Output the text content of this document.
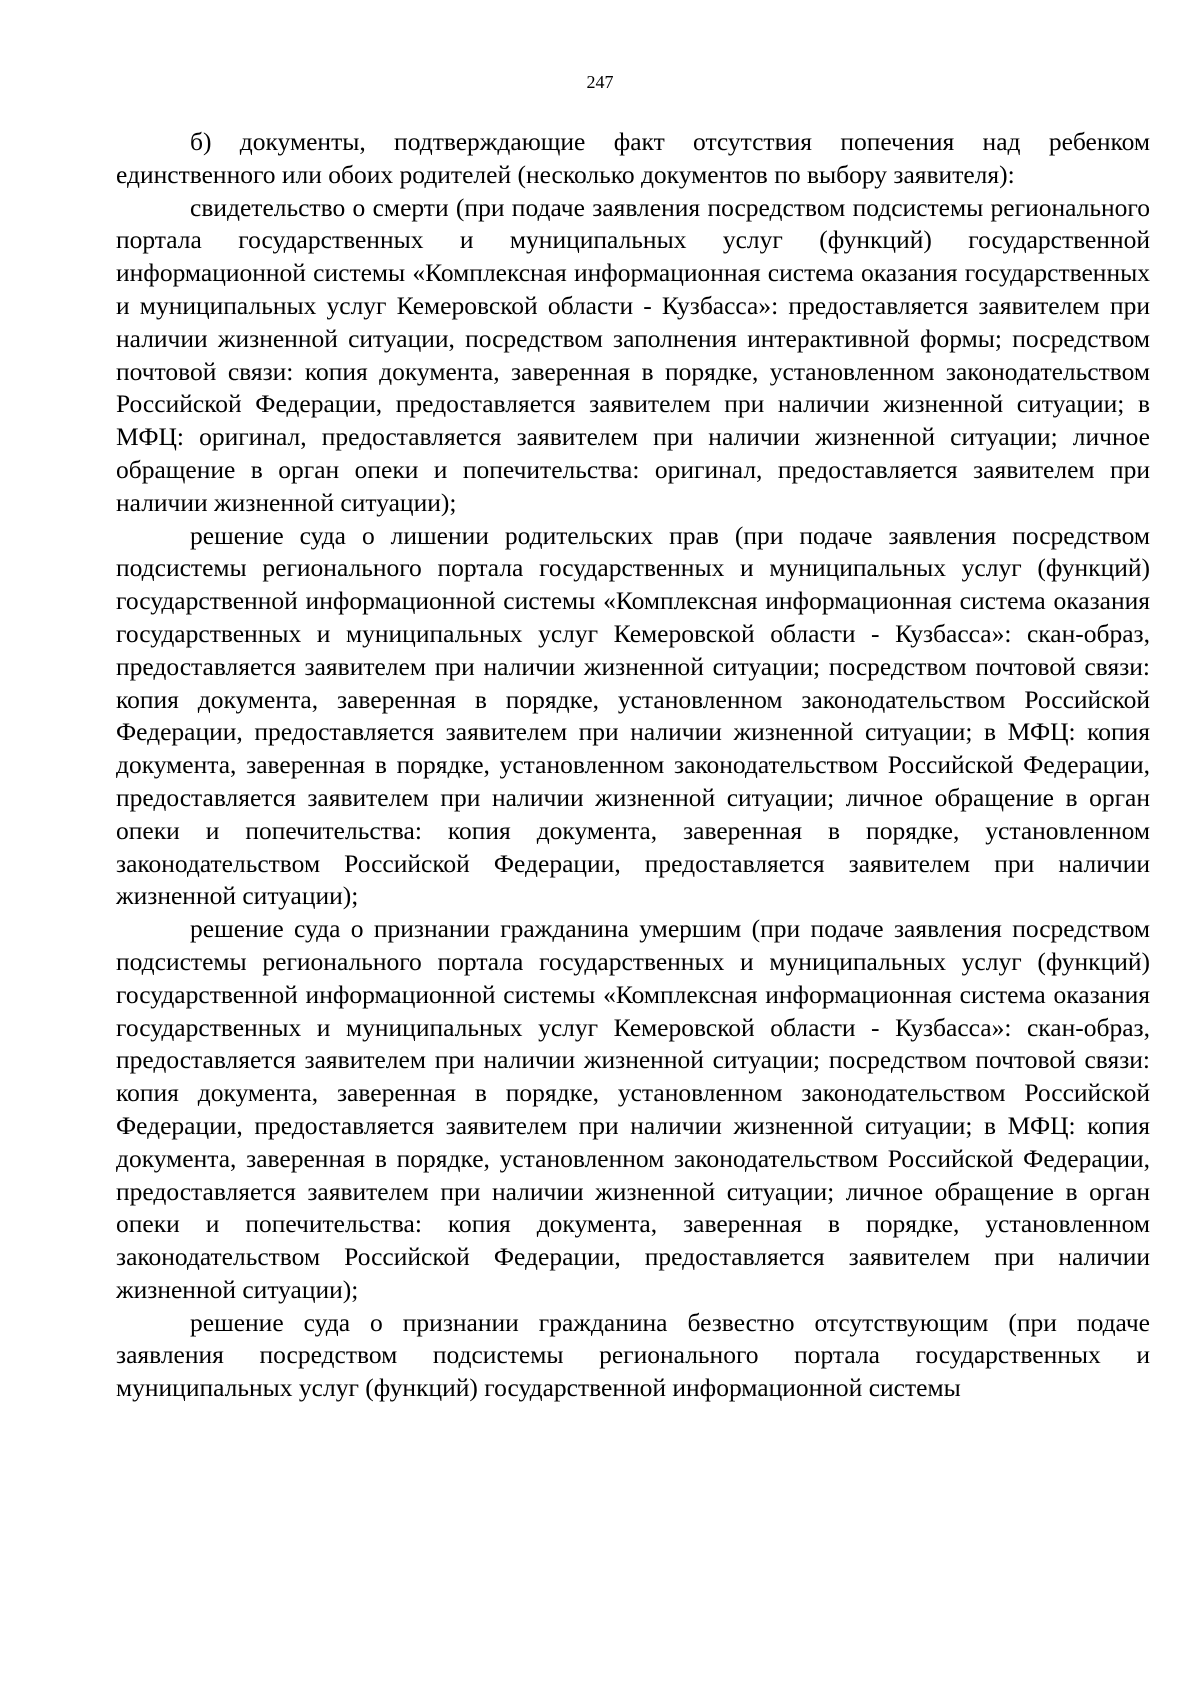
247

б) документы, подтверждающие факт отсутствия попечения над ребенком единственного или обоих родителей (несколько документов по выбору заявителя):

свидетельство о смерти (при подаче заявления посредством подсистемы регионального портала государственных и муниципальных услуг (функций) государственной информационной системы «Комплексная информационная система оказания государственных и муниципальных услуг Кемеровской области - Кузбасса»: предоставляется заявителем при наличии жизненной ситуации, посредством заполнения интерактивной формы; посредством почтовой связи: копия документа, заверенная в порядке, установленном законодательством Российской Федерации, предоставляется заявителем при наличии жизненной ситуации; в МФЦ: оригинал, предоставляется заявителем при наличии жизненной ситуации; личное обращение в орган опеки и попечительства: оригинал, предоставляется заявителем при наличии жизненной ситуации);

решение суда о лишении родительских прав (при подаче заявления посредством подсистемы регионального портала государственных и муниципальных услуг (функций) государственной информационной системы «Комплексная информационная система оказания государственных и муниципальных услуг Кемеровской области - Кузбасса»: скан-образ, предоставляется заявителем при наличии жизненной ситуации; посредством почтовой связи: копия документа, заверенная в порядке, установленном законодательством Российской Федерации, предоставляется заявителем при наличии жизненной ситуации; в МФЦ: копия документа, заверенная в порядке, установленном законодательством Российской Федерации, предоставляется заявителем при наличии жизненной ситуации; личное обращение в орган опеки и попечительства: копия документа, заверенная в порядке, установленном законодательством Российской Федерации, предоставляется заявителем при наличии жизненной ситуации);

решение суда о признании гражданина умершим (при подаче заявления посредством подсистемы регионального портала государственных и муниципальных услуг (функций) государственной информационной системы «Комплексная информационная система оказания государственных и муниципальных услуг Кемеровской области - Кузбасса»: скан-образ, предоставляется заявителем при наличии жизненной ситуации; посредством почтовой связи: копия документа, заверенная в порядке, установленном законодательством Российской Федерации, предоставляется заявителем при наличии жизненной ситуации; в МФЦ: копия документа, заверенная в порядке, установленном законодательством Российской Федерации, предоставляется заявителем при наличии жизненной ситуации; личное обращение в орган опеки и попечительства: копия документа, заверенная в порядке, установленном законодательством Российской Федерации, предоставляется заявителем при наличии жизненной ситуации);

решение суда о признании гражданина безвестно отсутствующим (при подаче заявления посредством подсистемы регионального портала государственных и муниципальных услуг (функций) государственной информационной системы
